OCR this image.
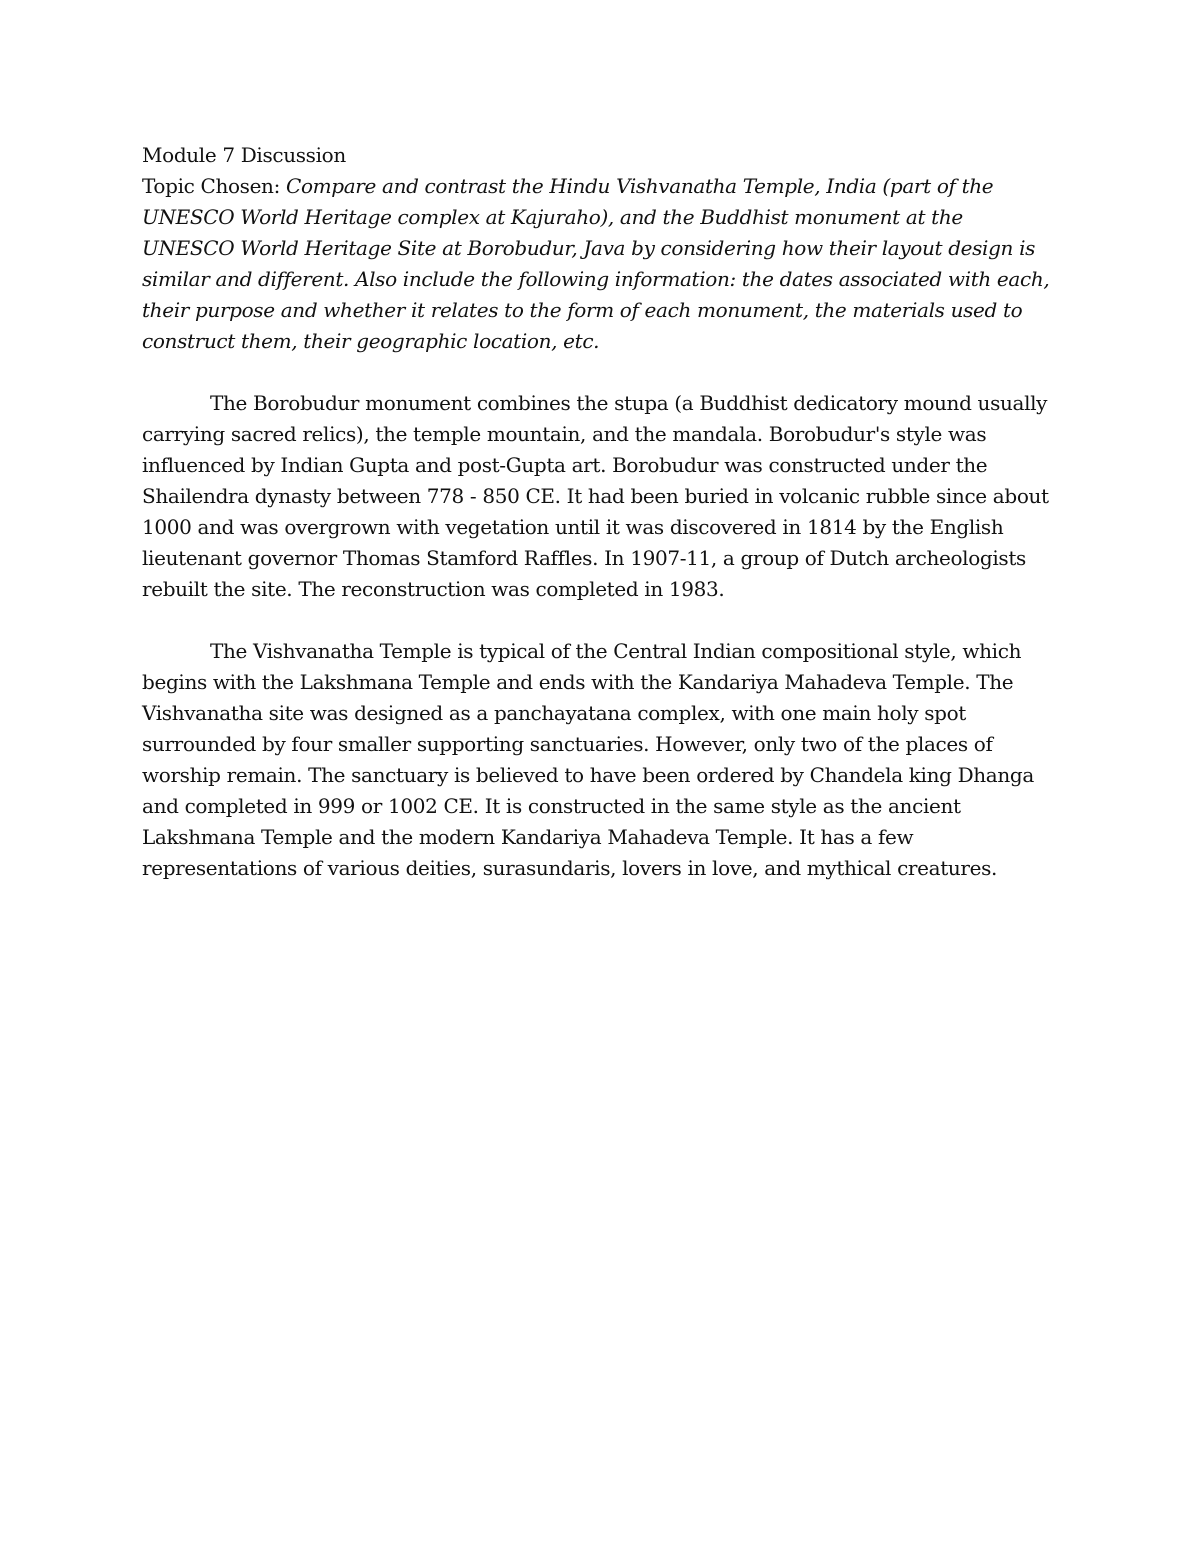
Module 7 Discussion

Topic Chosen: Compare and contrast the Hindu Vishvanatha Temple, India (part of the UNESCO World Heritage complex at Kajuraho), and the Buddhist monument at the UNESCO World Heritage Site at Borobudur, Java by considering how their layout design is similar and different. Also include the following information: the dates associated with each, their purpose and whether it relates to the form of each monument, the materials used to construct them, their geographic location, etc.

The Borobudur monument combines the stupa (a Buddhist dedicatory mound usually carrying sacred relics), the temple mountain, and the mandala. Borobudur's style was influenced by Indian Gupta and post-Gupta art. Borobudur was constructed under the Shailendra dynasty between 778 - 850 CE. It had been buried in volcanic rubble since about 1000 and was overgrown with vegetation until it was discovered in 1814 by the English lieutenant governor Thomas Stamford Raffles. In 1907-11, a group of Dutch archeologists rebuilt the site. The reconstruction was completed in 1983.

The Vishvanatha Temple is typical of the Central Indian compositional style, which begins with the Lakshmana Temple and ends with the Kandariya Mahadeva Temple. The Vishvanatha site was designed as a panchayatana complex, with one main holy spot surrounded by four smaller supporting sanctuaries. However, only two of the places of worship remain. The sanctuary is believed to have been ordered by Chandela king Dhanga and completed in 999 or 1002 CE. It is constructed in the same style as the ancient Lakshmana Temple and the modern Kandariya Mahadeva Temple. It has a few representations of various deities, surasundaris, lovers in love, and mythical creatures.
